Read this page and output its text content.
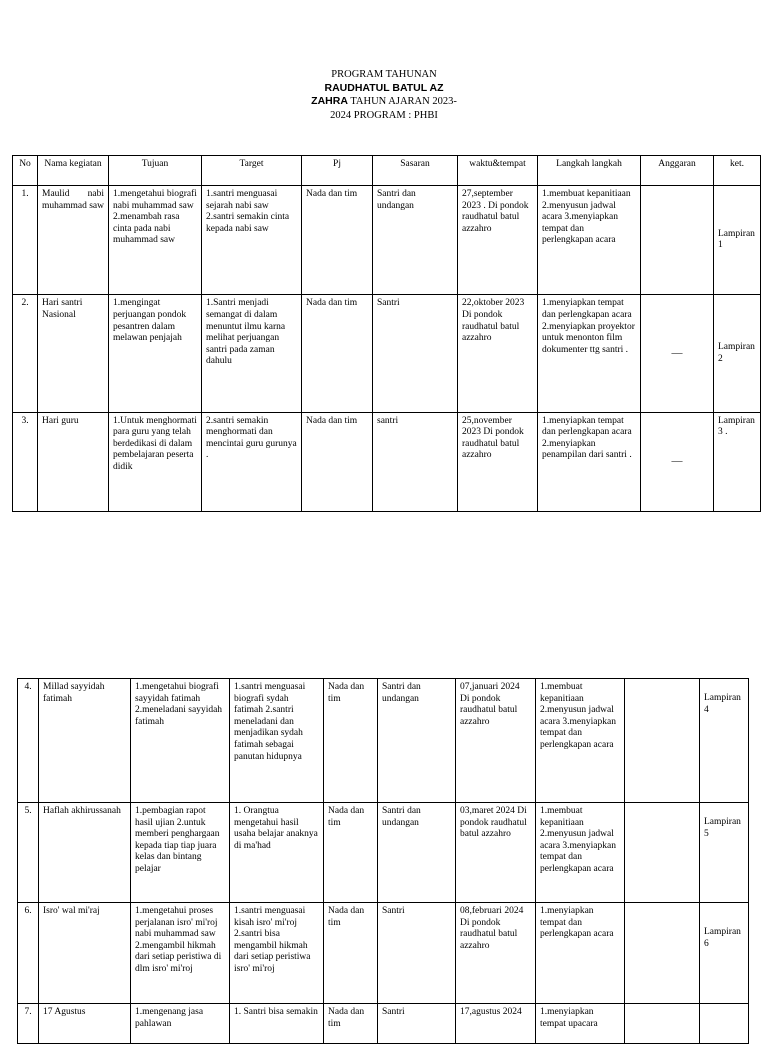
PROGRAM TAHUNAN
RAUDHATUL BATUL AZ
ZAHRA TAHUN AJARAN 2023-
2024 PROGRAM : PHBI
No	Nama kegiatan	Tujuan	Target	Pj	Sasaran	waktu&tempat	Langkah langkah	Anggaran	ket.
1.	Maulid nabi muhammad saw	1.mengetahui biografi nabi muhammad saw 2.menambah rasa cinta pada nabi muhammad saw	1.santri menguasai sejarah nabi saw 2.santri semakin cinta kepada nabi saw	Nada dan tim	Santri dan undangan	27,september 2023 . Di pondok raudhatul batul azzahro	1.membuat kepanitiaan 2.menyusun jadwal acara 3.menyiapkan tempat dan perlengkapan acara		Lampiran 1
2.	Hari santri Nasional	1.mengingat perjuangan pondok pesantren dalam melawan penjajah	1.Santri menjadi semangat di dalam menuntut ilmu karna melihat perjuangan santri pada zaman dahulu	Nada dan tim	Santri	22,oktober 2023 Di pondok raudhatul batul azzahro	1.menyiapkan tempat dan perlengkapan acara 2.menyiapkan proyektor untuk menonton film dokumenter ttg santri .	—	Lampiran 2
3.	Hari guru	1.Untuk menghormati para guru yang telah berdedikasi di dalam pembelajaran peserta didik	2.santri semakin menghormati dan mencintai guru gurunya .	Nada dan tim	santri	25,november 2023 Di pondok raudhatul batul azzahro	1.menyiapkan tempat dan perlengkapan acara 2.menyiapkan penampilan dari santri .	—	Lampiran 3 .
4.	Millad sayyidah fatimah	1.mengetahui biografi sayyidah fatimah 2.meneladani sayyidah fatimah	1.santri menguasai biografi sydah fatimah 2.santri meneladani dan menjadikan sydah fatimah sebagai panutan hidupnya	Nada dan tim	Santri dan undangan	07,januari 2024 Di pondok raudhatul batul azzahro	1.membuat kepanitiaan 2.menyusun jadwal acara 3.menyiapkan tempat dan perlengkapan acara		Lampiran 4
5.	Haflah akhirussanah	1.pembagian rapot hasil ujian 2.untuk memberi penghargaan kepada tiap tiap juara kelas dan bintang pelajar	1. Orangtua mengetahui hasil usaha belajar anaknya di ma'had	Nada dan tim	Santri dan undangan	03,maret 2024 Di pondok raudhatul batul azzahro	1.membuat kepanitiaan 2.menyusun jadwal acara 3.menyiapkan tempat dan perlengkapan acara		Lampiran 5
6.	Isro' wal mi'raj	1.mengetahui proses perjalanan isro' mi'roj nabi muhammad saw 2.mengambil hikmah dari setiap peristiwa di dlm isro' mi'roj	1.santri menguasai kisah isro' mi'roj 2.santri bisa mengambil hikmah dari setiap peristiwa isro' mi'roj	Nada dan tim	Santri	08,februari 2024 Di pondok raudhatul batul azzahro	1.menyiapkan tempat dan perlengkapan acara		Lampiran 6
7.	17 Agustus	1.mengenang jasa pahlawan	1. Santri bisa semakin	Nada dan tim	Santri	17,agustus 2024	1.menyiapkan tempat upacara		
